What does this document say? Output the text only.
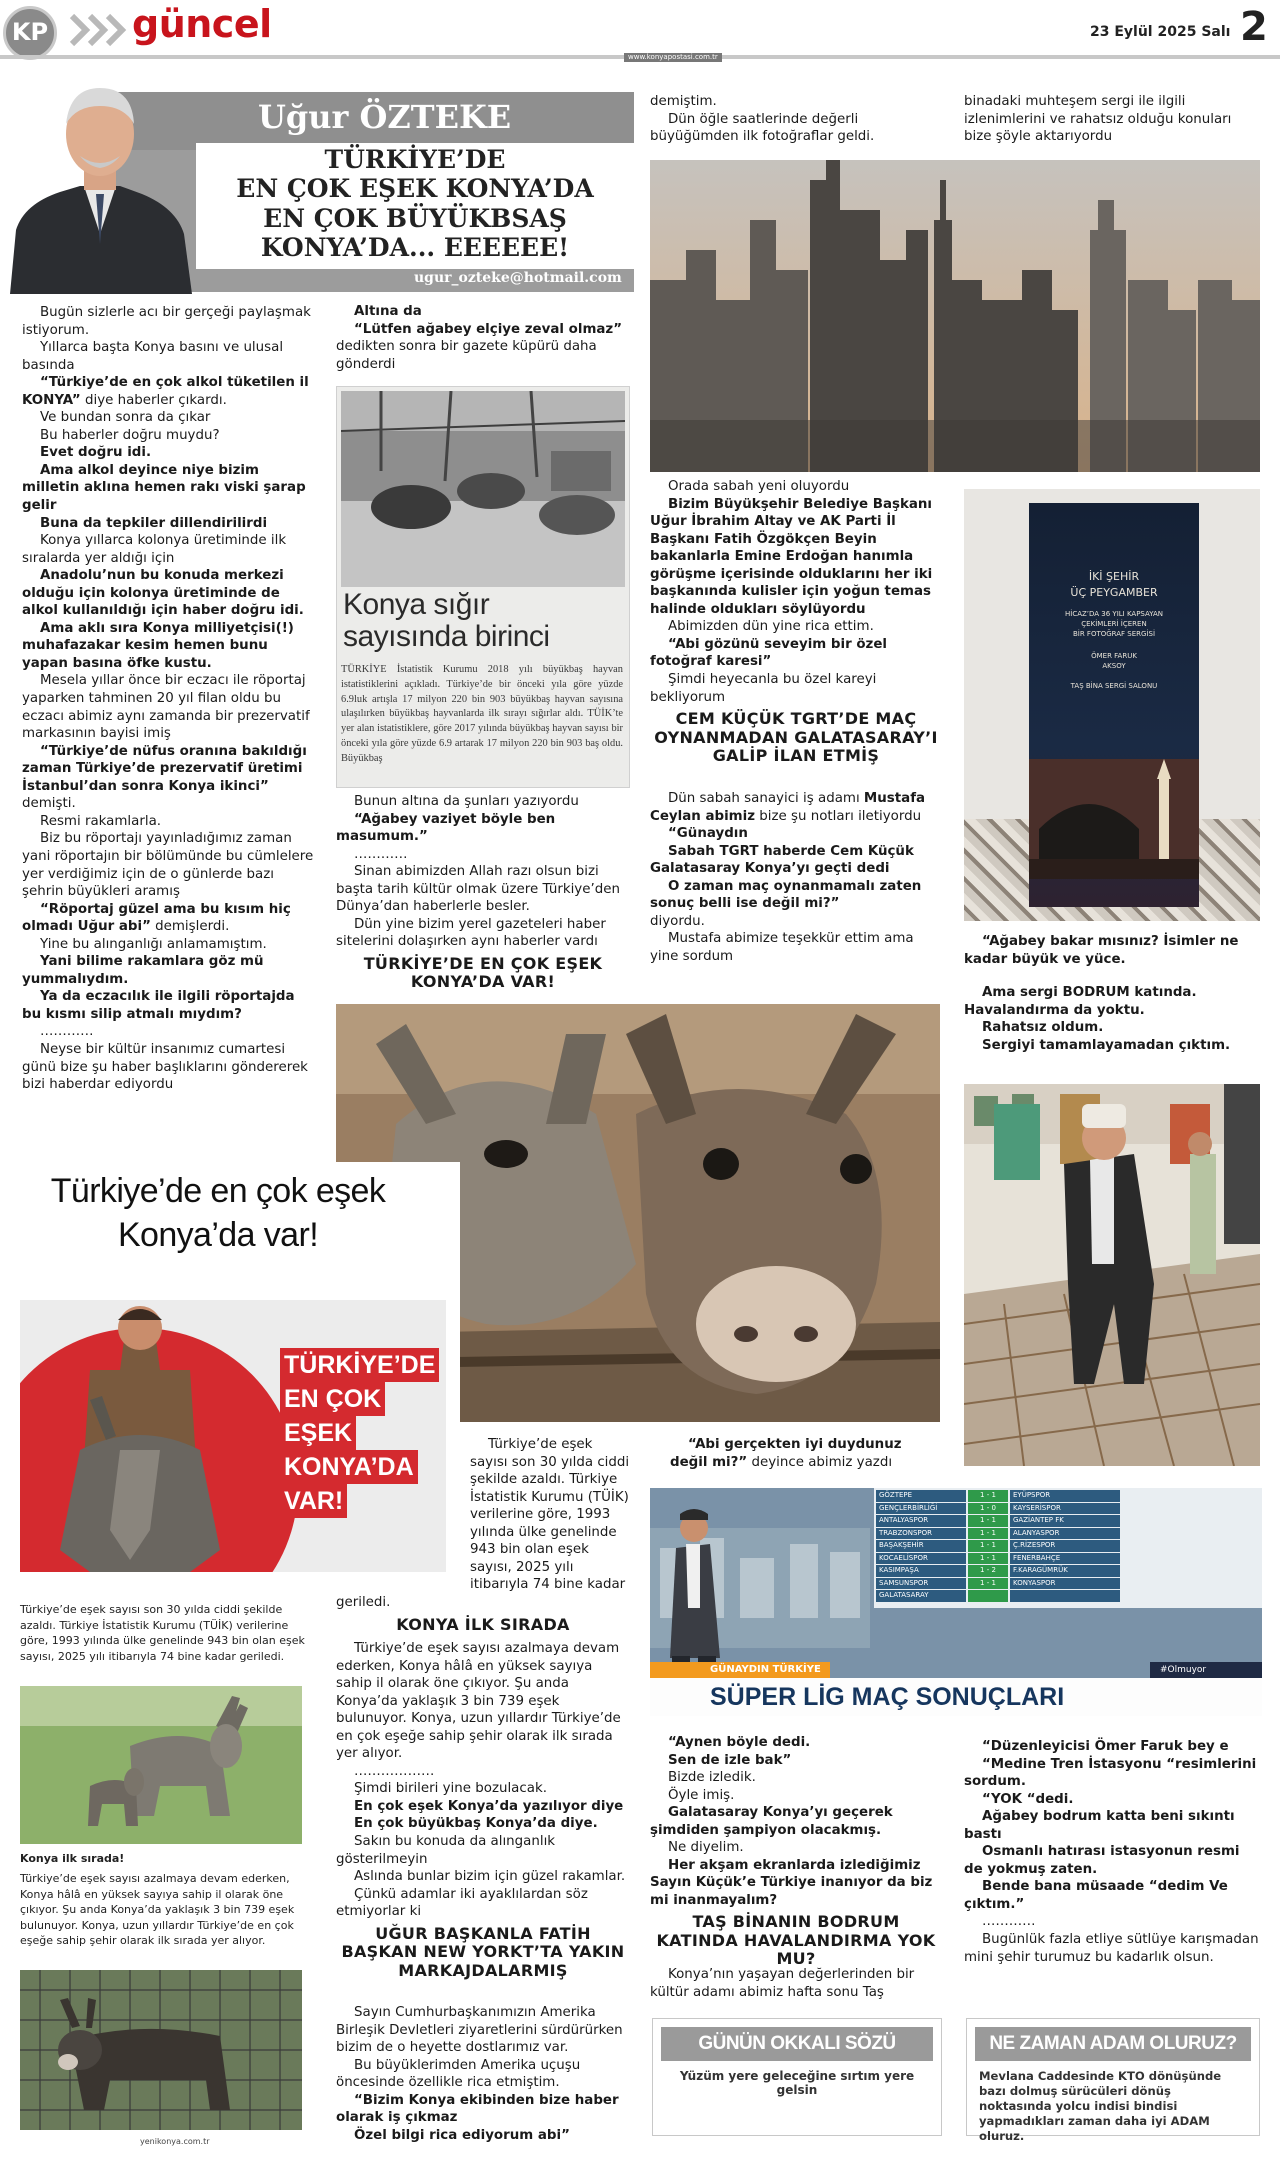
KP güncel
www.konyapostasi.com.tr
23 Eylül 2025 Salı 2
Uğur ÖZTEKE
TÜRKİYE’DE
EN ÇOK EŞEK KONYA’DA
EN ÇOK BÜYÜKBSAŞ
KONYA’DA... EEEEEE!
ugur_ozteke@hotmail.com

Bugün sizlerle acı bir gerçeği paylaşmak istiyorum.

Yıllarca başta Konya basını ve ulusal basında

“Türkiye’de en çok alkol tüketilen il KONYA” diye haberler çıkardı.

Ve bundan sonra da çıkar

Bu haberler doğru muydu?

Evet doğru idi.

Ama alkol deyince niye bizim milletin aklına hemen rakı viski şarap gelir

Buna da tepkiler dillendirilirdi

Konya yıllarca kolonya üretiminde ilk sıralarda yer aldığı için

Anadolu’nun bu konuda merkezi olduğu için kolonya üretiminde de alkol kullanıldığı için haber doğru idi.

Ama aklı sıra Konya milliyetçisi(!) muhafazakar kesim hemen bunu yapan basına öfke kustu.

Mesela yıllar önce bir eczacı ile röportaj yaparken tahminen 20 yıl filan oldu bu eczacı abimiz aynı zamanda bir prezervatif markasının bayisi imiş

“Türkiye’de nüfus oranına bakıldığı zaman Türkiye’de prezervatif üretimi İstanbul’dan sonra Konya ikinci” demişti.

Resmi rakamlarla.

Biz bu röportajı yayınladığımız zaman yani röportajın bir bölümünde bu cümlelere yer verdiğimiz için de o günlerde bazı şehrin büyükleri aramış

“Röportaj güzel ama bu kısım hiç olmadı Uğur abi” demişlerdi.

Yine bu alınganlığı anlamamıştım.

Yani bilime rakamlara göz mü yummalıydım.

Ya da eczacılık ile ilgili röportajda bu kısmı silip atmalı mıydım?

…………

Neyse bir kültür insanımız cumartesi günü bize şu haber başlıklarını göndererek bizi haberdar ediyordu

Altına da

“Lütfen ağabey elçiye zeval olmaz” dedikten sonra bir gazete küpürü daha gönderdi

Konya sığır
sayısında birinci
TÜRKİYE İstatistik Kurumu 2018 yılı büyükbaş hayvan istatistiklerini açıkladı. Türkiye’de bir önceki yıla göre yüzde 6.9luk artışla 17 milyon 220 bin 903 büyükbaş hayvan sayısına ulaşılırken büyükbaş hayvanlarda ilk sırayı sığırlar aldı. TÜİK’te yer alan istatistiklere, göre 2017 yılında büyükbaş hayvan sayısı bir önceki yıla göre yüzde 6.9 artarak 17 milyon 220 bin 903 baş oldu. Büyükbaş

Bunun altına da şunları yazıyordu

“Ağabey vaziyet böyle ben masumum.”

…………

Sinan abimizden Allah razı olsun bizi başta tarih kültür olmak üzere Türkiye’den Dünya’dan haberlerle besler.

Dün yine bizim yerel gazeteleri haber sitelerini dolaşırken aynı haberler vardı

TÜRKİYE’DE EN ÇOK EŞEK KONYA’DA VAR!
Türkiye’de en çok eşek
Konya’da var!
TÜRKİYE’DE EN ÇOK EŞEK KONYA’DA VAR!
Türkiye’de eşek sayısı son 30 yılda ciddi şekilde azaldı. Türkiye İstatistik Kurumu (TÜİK) verilerine göre, 1993 yılında ülke genelinde 943 bin olan eşek sayısı, 2025 yılı itibarıyla 74 bine kadar geriledi.
Konya ilk sırada!
Türkiye’de eşek sayısı azalmaya devam ederken, Konya hâlâ en yüksek sayıya sahip il olarak öne çıkıyor. Şu anda Konya’da yaklaşık 3 bin 739 eşek bulunuyor. Konya, uzun yıllardır Türkiye’de en çok eşeğe sahip şehir olarak ilk sırada yer alıyor.
yenikonya.com.tr

Türkiye’de eşek sayısı son 30 yılda ciddi şekilde azaldı. Türkiye İstatistik Kurumu (TÜİK) verilerine göre, 1993 yılında ülke genelinde 943 bin olan eşek sayısı, 2025 yılı itibarıyla 74 bine kadar

geriledi.

KONYA İLK SIRADA

Türkiye’de eşek sayısı azalmaya devam ederken, Konya hâlâ en yüksek sayıya sahip il olarak öne çıkıyor. Şu anda Konya’da yaklaşık 3 bin 739 eşek bulunuyor. Konya, uzun yıllardır Türkiye’de en çok eşeğe sahip şehir olarak ilk sırada yer alıyor.

………………

Şimdi birileri yine bozulacak.

En çok eşek Konya’da yazılıyor diye

En çok büyükbaş Konya’da diye.

Sakın bu konuda da alınganlık gösterilmeyin

Aslında bunlar bizim için güzel rakamlar.

Çünkü adamlar iki ayaklılardan söz etmiyorlar ki

UĞUR BAŞKANLA FATİH BAŞKAN NEW YORKT’TA YAKIN MARKAJDALARMIŞ

Sayın Cumhurbaşkanımızın Amerika Birleşik Devletleri ziyaretlerini sürdürürken bizim de o heyette dostlarımız var.

Bu büyüklerimden Amerika uçuşu öncesinde özellikle rica etmiştim.

“Bizim Konya ekibinden bize haber olarak iş çıkmaz

Özel bilgi rica ediyorum abi”

demiştim.

Dün öğle saatlerinde değerli büyüğümden ilk fotoğraflar geldi.

binadaki muhteşem sergi ile ilgili izlenimlerini ve rahatsız olduğu konuları bize şöyle aktarıyordu

Orada sabah yeni oluyordu

Bizim Büyükşehir Belediye Başkanı Uğur İbrahim Altay ve AK Parti İl Başkanı Fatih Özgökçen Beyin bakanlarla Emine Erdoğan hanımla görüşme içerisinde olduklarını her iki başkanında kulisler için yoğun temas halinde oldukları söylüyordu

Abimizden dün yine rica ettim.

“Abi gözünü seveyim bir özel fotoğraf karesi”

Şimdi heyecanla bu özel kareyi bekliyorum

CEM KÜÇÜK TGRT’DE MAÇ OYNANMADAN GALATASARAY’I GALİP İLAN ETMİŞ

Dün sabah sanayici iş adamı Mustafa Ceylan abimiz bize şu notları iletiyordu

“Günaydın

Sabah TGRT haberde Cem Küçük Galatasaray Konya’yı geçti dedi

O zaman maç oynanmamalı zaten sonuç belli ise değil mi?”

diyordu.

Mustafa abimize teşekkür ettim ama yine sordum

İKİ ŞEHİR
ÜÇ PEYGAMBER
HİCAZ’DA 36 YILI KAPSAYAN
ÇEKİMLERİ İÇEREN
BİR FOTOĞRAF SERGİSİ
ÖMER FARUK
AKSOY
TAŞ BİNA SERGİ SALONU

“Ağabey bakar mısınız? İsimler ne kadar büyük ve yüce.

Ama sergi BODRUM katında. Havalandırma da yoktu.

Rahatsız oldum.

Sergiyi tamamlayamadan çıktım.

“Abi gerçekten iyi duydunuz değil mi?” deyince abimiz yazdı

GÖZTEPE	1 - 1	EYÜPSPOR
GENÇLERBİRLİĞİ	1 - 0	KAYSERİSPOR
ANTALYASPOR	1 - 1	GAZİANTEP FK
TRABZONSPOR	1 - 1	ALANYASPOR
BAŞAKŞEHİR	1 - 1	Ç.RİZESPOR
KOCAELİSPOR	1 - 1	FENERBAHÇE
KASIMPAŞA	1 - 2	F.KARAGÜMRÜK
SAMSUNSPOR	1 - 1	KONYASPOR
GALATASARAY
GÜNAYDIN TÜRKİYE
SÜPER LİG MAÇ SONUÇLARI
#Olmuyor

“Aynen böyle dedi.

Sen de izle bak”

Bizde izledik.

Öyle imiş.

Galatasaray Konya’yı geçerek şimdiden şampiyon olacakmış.

Ne diyelim.

Her akşam ekranlarda izlediğimiz Sayın Küçük’e Türkiye inanıyor da biz mi inanmayalım?

TAŞ BİNANIN BODRUM KATINDA HAVALANDIRMA YOK MU?

Konya’nın yaşayan değerlerinden bir kültür adamı abimiz hafta sonu Taş

“Düzenleyicisi Ömer Faruk bey e

“Medine Tren İstasyonu “resimlerini sordum.

“YOK “dedi.

Ağabey bodrum katta beni sıkıntı bastı

Osmanlı hatırası istasyonun resmi de yokmuş zaten.

Bende bana müsaade “dedim Ve çıktım.”

…………

Bugünlük fazla etliye sütlüye karışmadan mini şehir turumuz bu kadarlık olsun.

GÜNÜN OKKALI SÖZÜ
Yüzüm yere geleceğine sırtım yere gelsin
NE ZAMAN ADAM OLURUZ?
Mevlana Caddesinde KTO dönüşünde bazı dolmuş sürücüleri dönüş noktasında yolcu indisi bindisi yapmadıkları zaman daha iyi ADAM oluruz.
